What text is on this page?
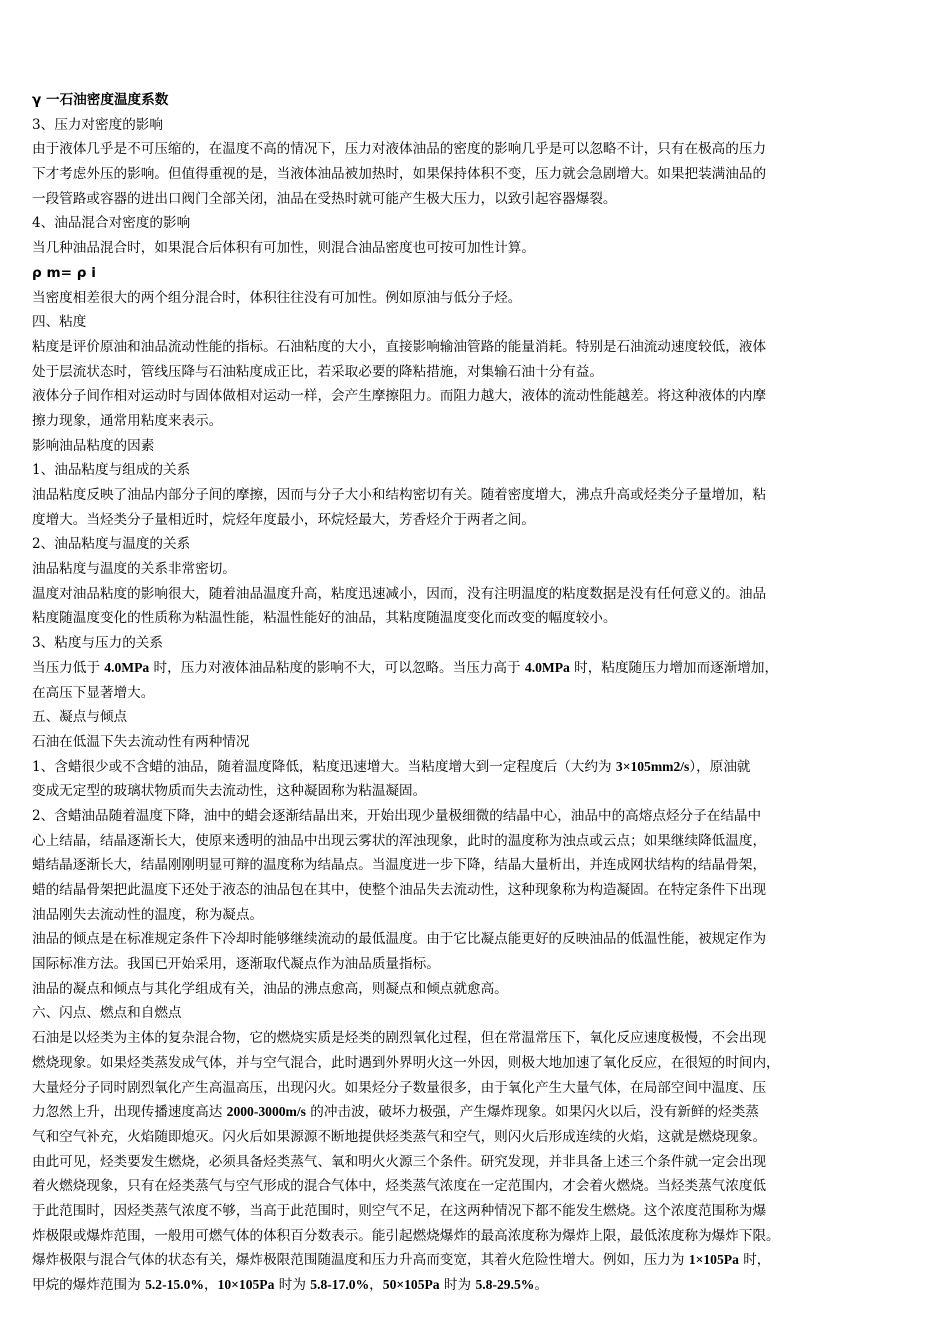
γ 一石油密度温度系数
3、压力对密度的影响
由于液体几乎是不可压缩的，在温度不高的情况下，压力对液体油品的密度的影响几乎是可以忽略不计，只有在极高的压力
下才考虑外压的影响。但值得重视的是，当液体油品被加热时，如果保持体积不变，压力就会急剧增大。如果把装满油品的
一段管路或容器的进出口阀门全部关闭，油品在受热时就可能产生极大压力，以致引起容器爆裂。
4、油品混合对密度的影响
当几种油品混合时，如果混合后体积有可加性，则混合油品密度也可按可加性计算。
ρ m= ρ i
当密度相差很大的两个组分混合时，体积往往没有可加性。例如原油与低分子烃。
四、粘度
粘度是评价原油和油品流动性能的指标。石油粘度的大小，直接影响输油管路的能量消耗。特别是石油流动速度较低，液体
处于层流状态时，管线压降与石油粘度成正比，若采取必要的降粘措施，对集输石油十分有益。
液体分子间作相对运动时与固体做相对运动一样，会产生摩擦阻力。而阻力越大，液体的流动性能越差。将这种液体的内摩
擦力现象，通常用粘度来表示。
影响油品粘度的因素
1、油品粘度与组成的关系
油品粘度反映了油品内部分子间的摩擦，因而与分子大小和结构密切有关。随着密度增大，沸点升高或烃类分子量增加，粘
度增大。当烃类分子量相近时，烷烃年度最小，环烷烃最大，芳香烃介于两者之间。
2、油品粘度与温度的关系
油品粘度与温度的关系非常密切。
温度对油品粘度的影响很大，随着油品温度升高，粘度迅速减小，因而，没有注明温度的粘度数据是没有任何意义的。油品
粘度随温度变化的性质称为粘温性能，粘温性能好的油品，其粘度随温度变化而改变的幅度较小。
3、粘度与压力的关系
当压力低于 4.0MPa 时，压力对液体油品粘度的影响不大，可以忽略。当压力高于 4.0MPa 时，粘度随压力增加而逐渐增加，
在高压下显著增大。
五、凝点与倾点
石油在低温下失去流动性有两种情况
1、含蜡很少或不含蜡的油品，随着温度降低，粘度迅速增大。当粘度增大到一定程度后（大约为 3×105mm2/s），原油就
变成无定型的玻璃状物质而失去流动性，这种凝固称为粘温凝固。
2、含蜡油品随着温度下降，油中的蜡会逐渐结晶出来，开始出现少量极细微的结晶中心，油品中的高熔点烃分子在结晶中
心上结晶，结晶逐渐长大，使原来透明的油品中出现云雾状的浑浊现象，此时的温度称为浊点或云点；如果继续降低温度，
蜡结晶逐渐长大，结晶刚刚明显可辩的温度称为结晶点。当温度进一步下降，结晶大量析出，并连成网状结构的结晶骨架，
蜡的结晶骨架把此温度下还处于液态的油品包在其中，使整个油品失去流动性，这种现象称为构造凝固。在特定条件下出现
油品刚失去流动性的温度，称为凝点。
油品的倾点是在标准规定条件下冷却时能够继续流动的最低温度。由于它比凝点能更好的反映油品的低温性能，被规定作为
国际标准方法。我国已开始采用，逐渐取代凝点作为油品质量指标。
油品的凝点和倾点与其化学组成有关，油品的沸点愈高，则凝点和倾点就愈高。
六、闪点、燃点和自燃点
石油是以烃类为主体的复杂混合物，它的燃烧实质是烃类的剧烈氧化过程，但在常温常压下，氧化反应速度极慢，不会出现
燃烧现象。如果烃类蒸发成气体，并与空气混合，此时遇到外界明火这一外因，则极大地加速了氧化反应，在很短的时间内，
大量烃分子同时剧烈氧化产生高温高压，出现闪火。如果烃分子数量很多，由于氧化产生大量气体，在局部空间中温度、压
力忽然上升，出现传播速度高达 2000-3000m/s 的冲击波，破坏力极强，产生爆炸现象。如果闪火以后，没有新鲜的烃类蒸
气和空气补充，火焰随即熄灭。闪火后如果源源不断地提供烃类蒸气和空气，则闪火后形成连续的火焰，这就是燃烧现象。
由此可见，烃类要发生燃烧，必须具备烃类蒸气、氧和明火火源三个条件。研究发现，并非具备上述三个条件就一定会出现
着火燃烧现象，只有在烃类蒸气与空气形成的混合气体中，烃类蒸气浓度在一定范围内，才会着火燃烧。当烃类蒸气浓度低
于此范围时，因烃类蒸气浓度不够，当高于此范围时，则空气不足，在这两种情况下都不能发生燃烧。这个浓度范围称为爆
炸极限或爆炸范围，一般用可燃气体的体积百分数表示。能引起燃烧爆炸的最高浓度称为爆炸上限，最低浓度称为爆炸下限。
爆炸极限与混合气体的状态有关，爆炸极限范围随温度和压力升高而变宽，其着火危险性增大。例如，压力为 1×105Pa 时，
甲烷的爆炸范围为 5.2-15.0%，10×105Pa 时为 5.8-17.0%，50×105Pa 时为 5.8-29.5%。
